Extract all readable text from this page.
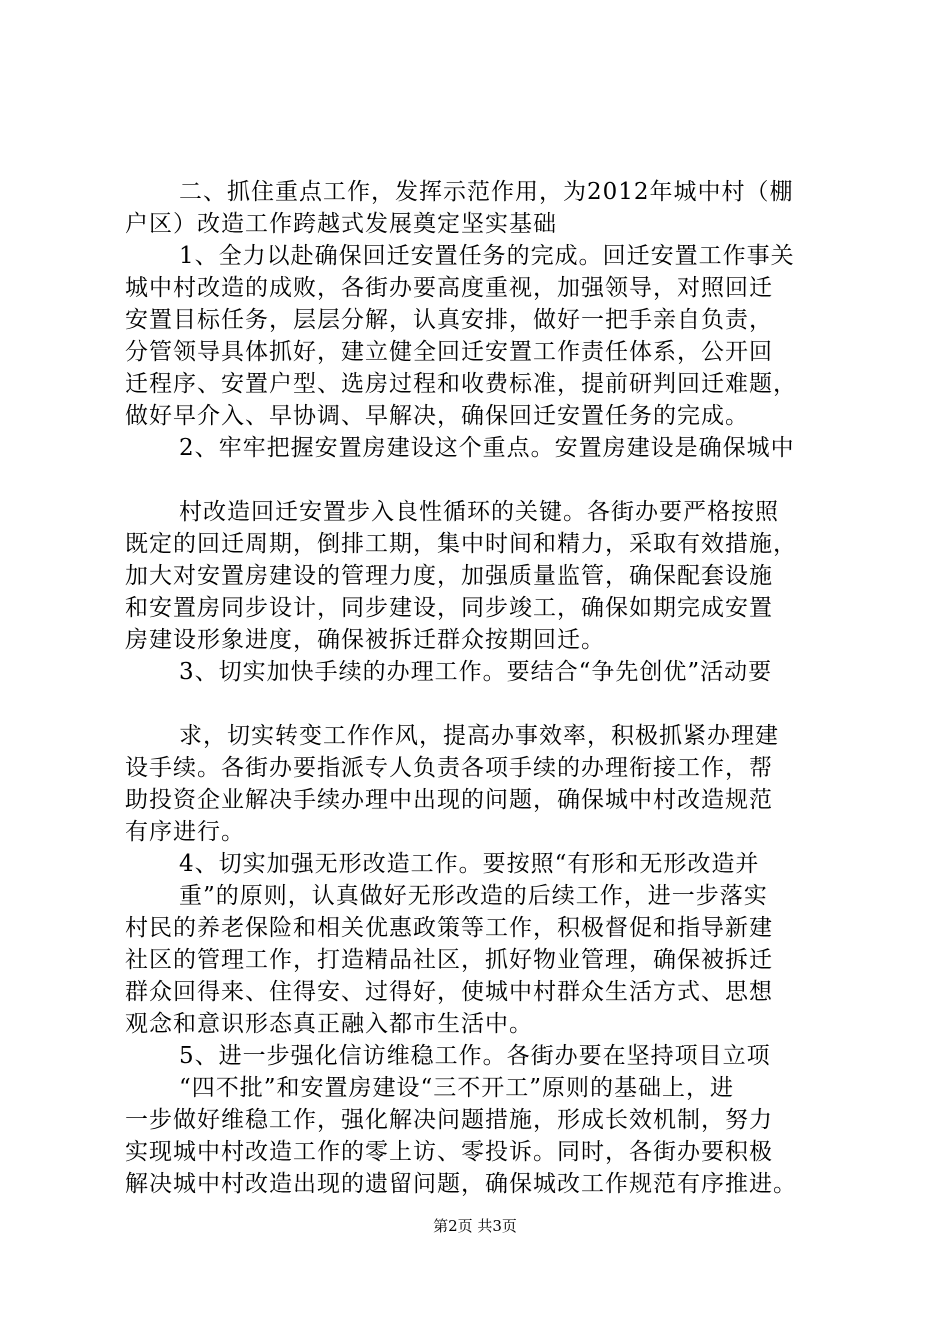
二、抓住重点工作，发挥示范作用，为2012年城中村（棚
户区）改造工作跨越式发展奠定坚实基础
1、全力以赴确保回迁安置任务的完成。回迁安置工作事关
城中村改造的成败，各街办要高度重视，加强领导，对照回迁
安置目标任务，层层分解，认真安排，做好一把手亲自负责，
分管领导具体抓好，建立健全回迁安置工作责任体系，公开回
迁程序、安置户型、选房过程和收费标准，提前研判回迁难题，
做好早介入、早协调、早解决，确保回迁安置任务的完成。
2、牢牢把握安置房建设这个重点。安置房建设是确保城中
村改造回迁安置步入良性循环的关键。各街办要严格按照
既定的回迁周期，倒排工期，集中时间和精力，采取有效措施，
加大对安置房建设的管理力度，加强质量监管，确保配套设施
和安置房同步设计，同步建设，同步竣工，确保如期完成安置
房建设形象进度，确保被拆迁群众按期回迁。
3、切实加快手续的办理工作。要结合“争先创优”活动要
求，切实转变工作作风，提高办事效率，积极抓紧办理建
设手续。各街办要指派专人负责各项手续的办理衔接工作，帮
助投资企业解决手续办理中出现的问题，确保城中村改造规范
有序进行。
4、切实加强无形改造工作。要按照“有形和无形改造并
重”的原则，认真做好无形改造的后续工作，进一步落实
村民的养老保险和相关优惠政策等工作，积极督促和指导新建
社区的管理工作，打造精品社区，抓好物业管理，确保被拆迁
群众回得来、住得安、过得好，使城中村群众生活方式、思想
观念和意识形态真正融入都市生活中。
5、进一步强化信访维稳工作。各街办要在坚持项目立项
“四不批”和安置房建设“三不开工”原则的基础上，进
一步做好维稳工作，强化解决问题措施，形成长效机制，努力
实现城中村改造工作的零上访、零投诉。同时，各街办要积极
解决城中村改造出现的遗留问题，确保城改工作规范有序推进。
第2页 共3页
